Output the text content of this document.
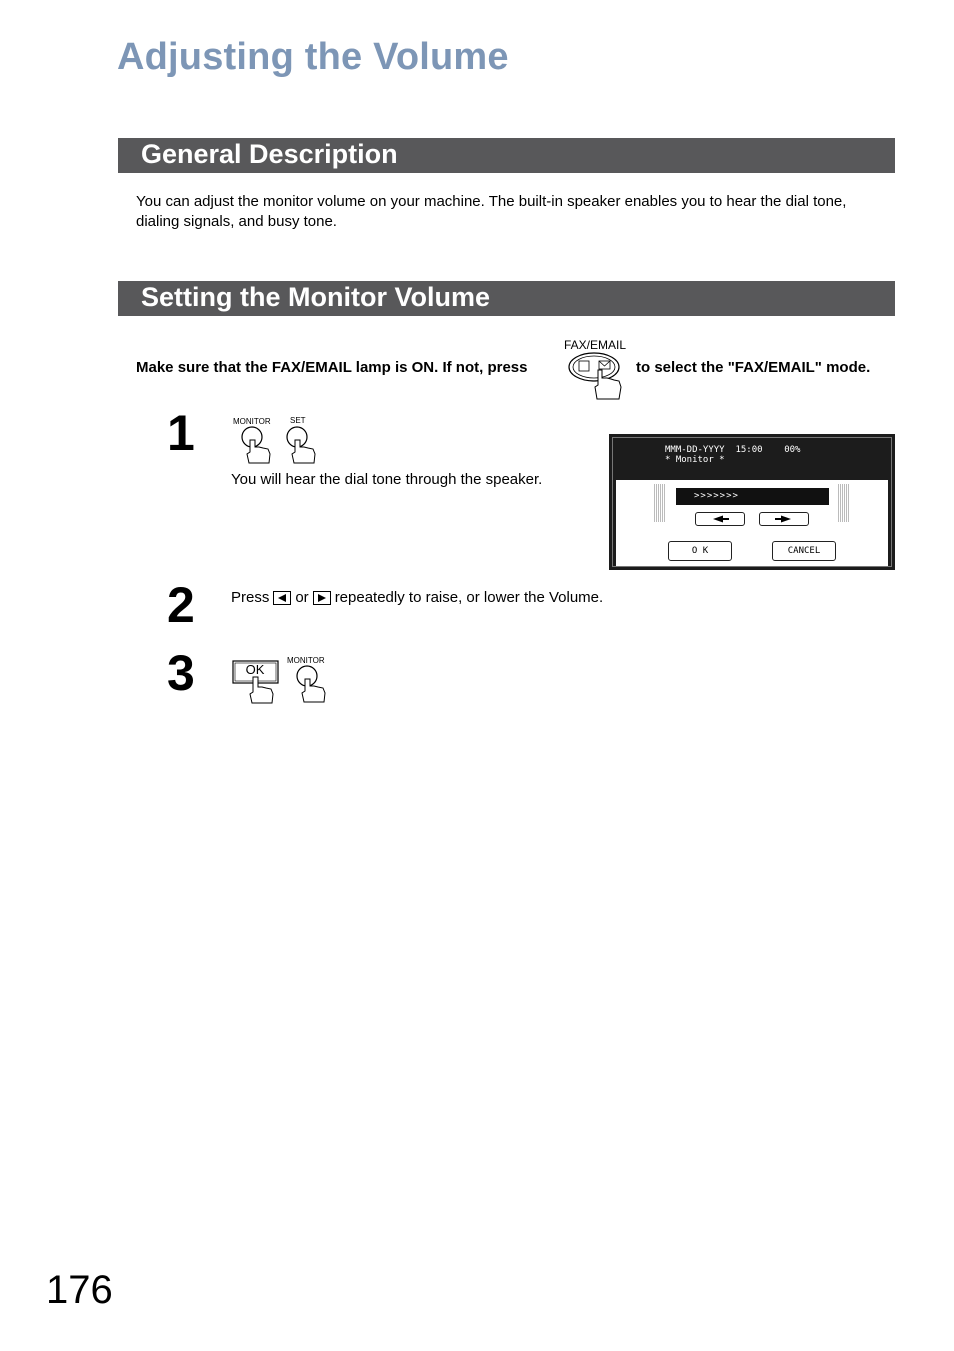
Adjusting the Volume
General Description
You can adjust the monitor volume on your machine. The built-in speaker enables you to hear the dial tone,
dialing signals, and busy tone.
Setting the Monitor Volume
Make sure that the FAX/EMAIL lamp is ON. If not, press
FAX/EMAIL
to select the "FAX/EMAIL" mode.
1	MONITOR SET
You will hear the dial tone through the speaker.
MMM-DD-YYYY  15:00    00%
* Monitor *
>>>>>>>
O K	CANCEL
2 Press or repeatedly to raise, or lower the Volume.
3	OK
MONITOR
176
